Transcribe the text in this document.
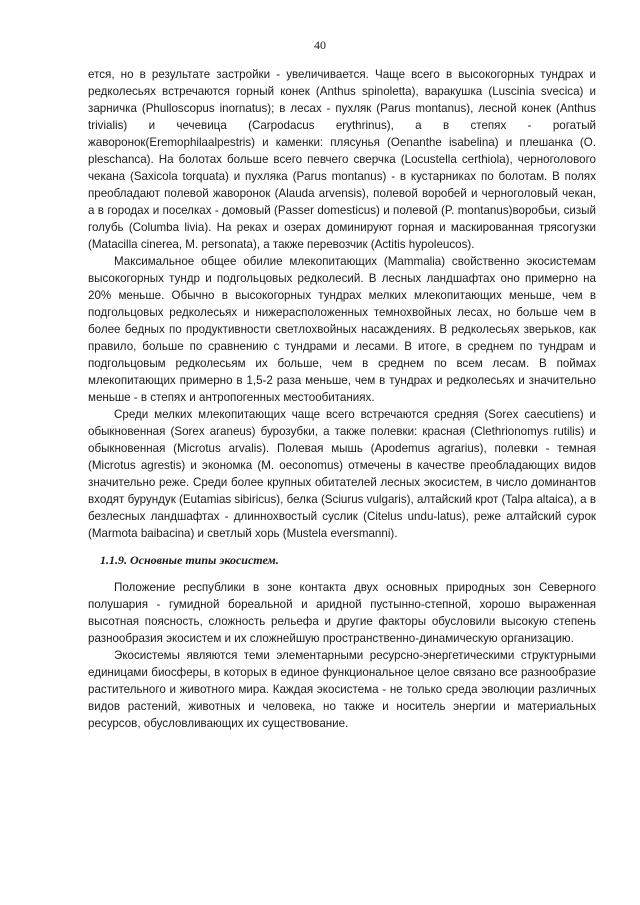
40

ется, но в результате застройки - увеличивается. Чаще всего в высокогорных тундрах и редколесьях встречаются горный конек (Anthus spinoletta), варакушка (Luscinia svecica) и зарничка (Phulloscopus inornatus); в лесах - пухляк (Parus montanus), лесной конек (Anthus trivialis) и чечевица (Carpodacus erythrinus), а в степях - рогатый жаворонок(Eremophilaalpestris) и каменки: плясунья (Oenanthe isabelina) и плешанка (O. pleschanca). На болотах больше всего певчего сверчка (Locustella certhiola), черноголового чекана (Saxicola torquata) и пухляка (Parus montanus) - в кустарниках по болотам. В полях преобладают полевой жаворонок (Alauda arvensis), полевой воробей и черноголовый чекан, а в городах и поселках - домовый (Passer domesticus) и полевой (P. montanus)воробьи, сизый голубь (Columba livia). На реках и озерах доминируют горная и маскированная трясогузки (Matacilla cinerea, M. personata), а также перевозчик (Actitis hypoleucos).

Максимальное общее обилие млекопитающих (Mammalia) свойственно экосистемам высокогорных тундр и подгольцовых редколесий. В лесных ландшафтах оно примерно на 20% меньше. Обычно в высокогорных тундрах мелких млекопитающих меньше, чем в подгольцовых редколесьях и нижерасположенных темнохвойных лесах, но больше чем в более бедных по продуктивности светлохвойных насаждениях. В редколесьях зверьков, как правило, больше по сравнению с тундрами и лесами. В итоге, в среднем по тундрам и подгольцовым редколесьям их больше, чем в среднем по всем лесам. В поймах млекопитающих примерно в 1,5-2 раза меньше, чем в тундрах и редколесьях и значительно меньше - в степях и антропогенных местообитаниях.

Среди мелких млекопитающих чаще всего встречаются средняя (Sorex caecutiens) и обыкновенная (Sorex araneus) бурозубки, а также полевки: красная (Clethrionomys rutilis) и обыкновенная (Microtus arvalis). Полевая мышь (Apodemus agrarius), полевки - темная (Microtus agrestis) и экономка (M. oeconomus) отмечены в качестве преобладающих видов значительно реже. Среди более крупных обитателей лесных экосистем, в число доминантов входят бурундук (Eutamias sibiricus), белка (Sciurus vulgaris), алтайский крот (Talpa altaica), а в безлесных ландшафтах - длиннохвостый суслик (Citelus undu-latus), реже алтайский сурок (Marmota baibacina) и светлый хорь (Mustela eversmanni).

1.1.9. Основные типы экосистем.

Положение республики в зоне контакта двух основных природных зон Северного полушария - гумидной бореальной и аридной пустынно-степной, хорошо выраженная высотная поясность, сложность рельефа и другие факторы обусловили высокую степень разнообразия экосистем и их сложнейшую пространственно-динамическую организацию.

Экосистемы являются теми элементарными ресурсно-энергетическими структурными единицами биосферы, в которых в единое функциональное целое связано все разнообразие растительного и животного мира. Каждая экосистема - не только среда эволюции различных видов растений, животных и человека, но также и носитель энергии и материальных ресурсов, обусловливающих их существование.
